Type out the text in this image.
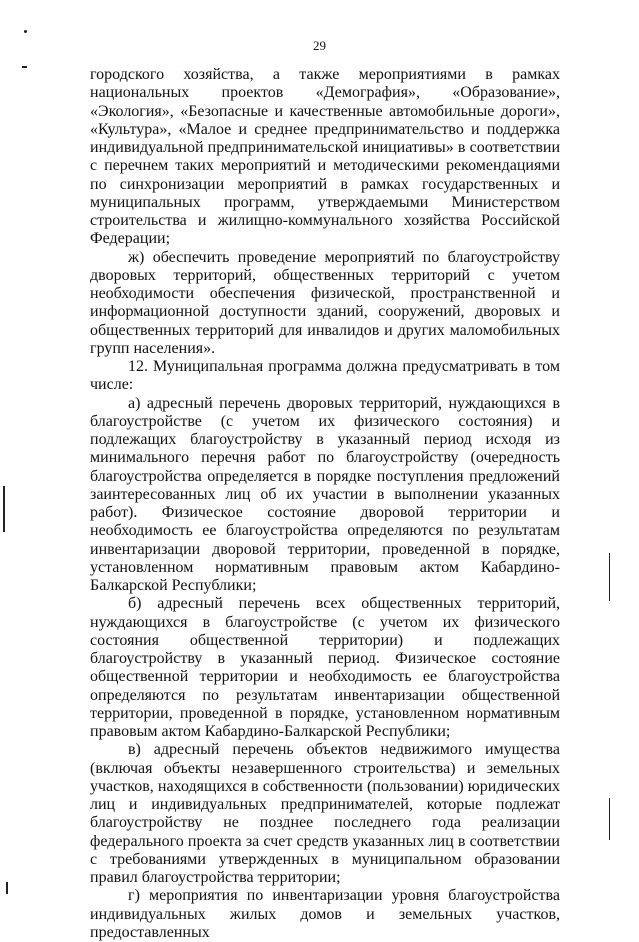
29

городского хозяйства, а также мероприятиями в рамках национальных проектов «Демография», «Образование», «Экология», «Безопасные и качественные автомобильные дороги», «Культура», «Малое и среднее предпринимательство и поддержка индивидуальной предпринимательской инициативы» в соответствии с перечнем таких мероприятий и методическими рекомендациями по синхронизации мероприятий в рамках государственных и муниципальных программ, утверждаемыми Министерством строительства и жилищно-коммунального хозяйства Российской Федерации;

ж) обеспечить проведение мероприятий по благоустройству дворовых территорий, общественных территорий с учетом необходимости обеспечения физической, пространственной и информационной доступности зданий, сооружений, дворовых и общественных территорий для инвалидов и других маломобильных групп населения».

12. Муниципальная программа должна предусматривать в том числе:

а) адресный перечень дворовых территорий, нуждающихся в благоустройстве (с учетом их физического состояния) и подлежащих благоустройству в указанный период исходя из минимального перечня работ по благоустройству (очередность благоустройства определяется в порядке поступления предложений заинтересованных лиц об их участии в выполнении указанных работ). Физическое состояние дворовой территории и необходимость ее благоустройства определяются по результатам инвентаризации дворовой территории, проведенной в порядке, установленном нормативным правовым актом Кабардино-Балкарской Республики;

б) адресный перечень всех общественных территорий, нуждающихся в благоустройстве (с учетом их физического состояния общественной территории) и подлежащих благоустройству в указанный период. Физическое состояние общественной территории и необходимость ее благоустройства определяются по результатам инвентаризации общественной территории, проведенной в порядке, установленном нормативным правовым актом Кабардино-Балкарской Республики;

в) адресный перечень объектов недвижимого имущества (включая объекты незавершенного строительства) и земельных участков, находящихся в собственности (пользовании) юридических лиц и индивидуальных предпринимателей, которые подлежат благоустройству не позднее последнего года реализации федерального проекта за счет средств указанных лиц в соответствии с требованиями утвержденных в муниципальном образовании правил благоустройства территории;

г) мероприятия по инвентаризации уровня благоустройства индивидуальных жилых домов и земельных участков, предоставленных
